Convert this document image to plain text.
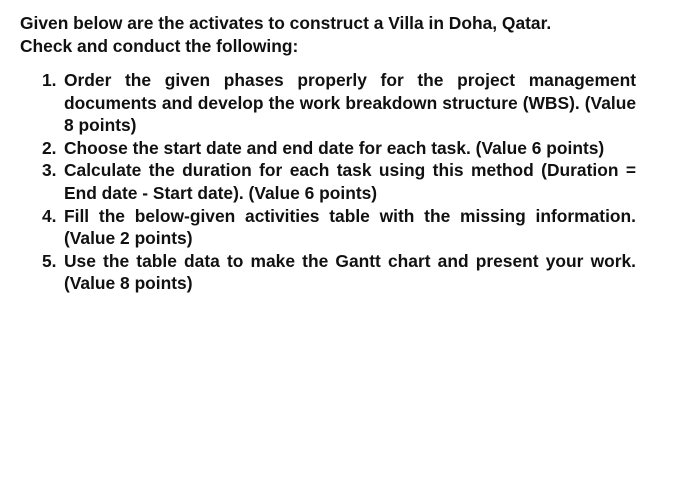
Given below are the activates to construct a Villa in Doha, Qatar.
Check and conduct the following:

1. Order the given phases properly for the project management documents and develop the work breakdown structure (WBS). (Value 8 points)
2. Choose the start date and end date for each task. (Value 6 points)
3. Calculate the duration for each task using this method (Duration = End date - Start date). (Value 6 points)
4. Fill the below-given activities table with the missing information. (Value 2 points)
5. Use the table data to make the Gantt chart and present your work. (Value 8 points)
